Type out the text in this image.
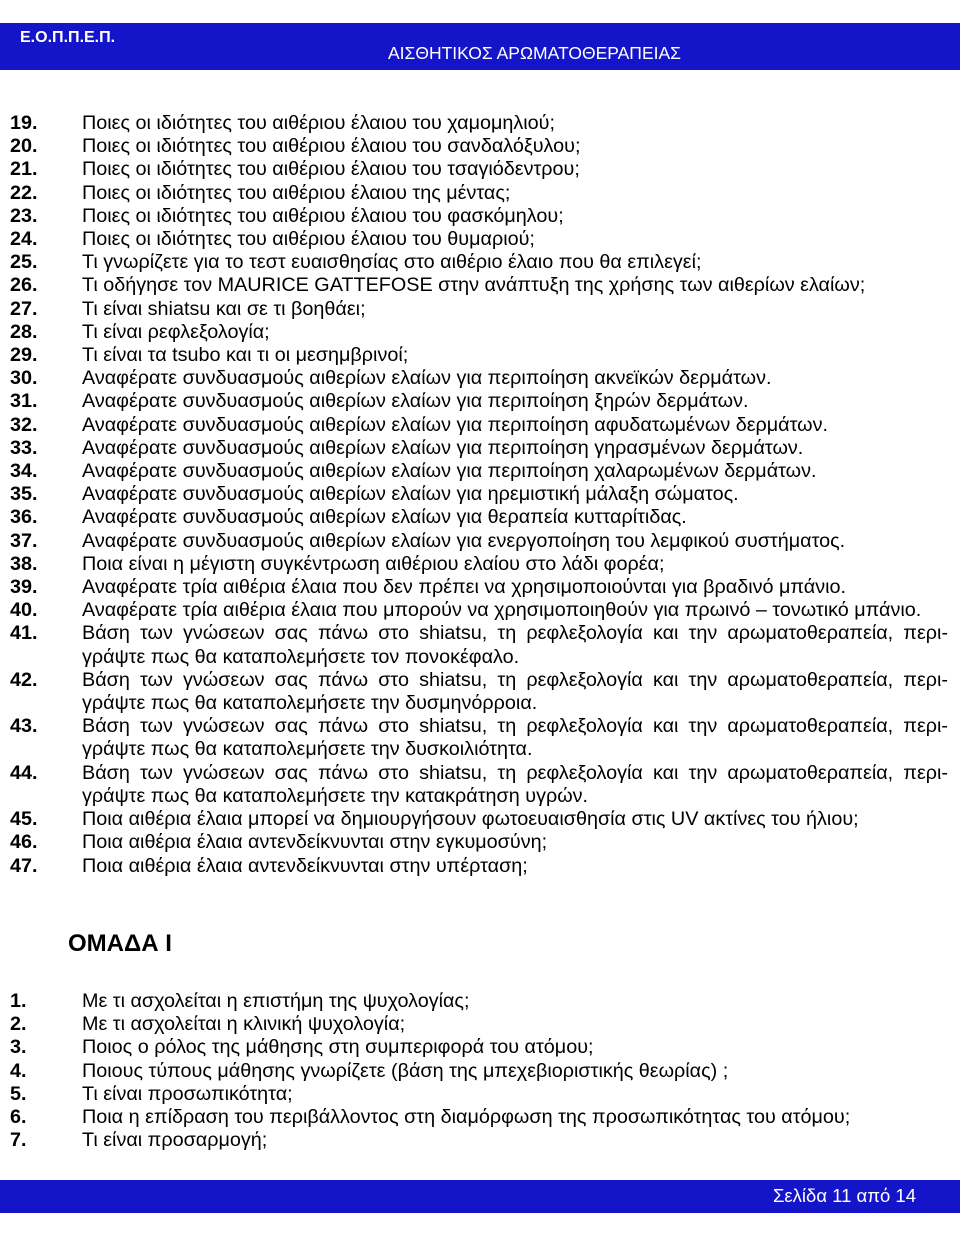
Ε.Ο.Π.Π.Ε.Π.
ΑΙΣΘΗΤΙΚΟΣ ΑΡΩΜΑΤΟΘΕΡΑΠΕΙΑΣ
19. Ποιες οι ιδιότητες του αιθέριου έλαιου του χαμομηλιού;
20. Ποιες οι ιδιότητες του αιθέριου έλαιου του σανδαλόξυλου;
21. Ποιες οι ιδιότητες του αιθέριου έλαιου του τσαγιόδεντρου;
22. Ποιες οι ιδιότητες του αιθέριου έλαιου της μέντας;
23. Ποιες οι ιδιότητες του αιθέριου έλαιου του φασκόμηλου;
24. Ποιες οι ιδιότητες του αιθέριου έλαιου του θυμαριού;
25. Τι γνωρίζετε για το τεστ ευαισθησίας στο αιθέριο έλαιο που θα επιλεγεί;
26. Τι οδήγησε τον MAURICE GATTEFOSE στην ανάπτυξη της χρήσης των αιθερίων ελαίων;
27. Τι είναι shiatsu και σε τι βοηθάει;
28. Τι είναι ρεφλεξολογία;
29. Τι είναι τα tsubo και τι οι μεσημβρινοί;
30. Αναφέρατε συνδυασμούς αιθερίων ελαίων για περιποίηση ακνεϊκών δερμάτων.
31. Αναφέρατε συνδυασμούς αιθερίων ελαίων για περιποίηση ξηρών δερμάτων.
32. Αναφέρατε συνδυασμούς αιθερίων ελαίων για περιποίηση αφυδατωμένων δερμάτων.
33. Αναφέρατε συνδυασμούς αιθερίων ελαίων για περιποίηση γηρασμένων δερμάτων.
34. Αναφέρατε συνδυασμούς αιθερίων ελαίων για περιποίηση χαλαρωμένων δερμάτων.
35. Αναφέρατε συνδυασμούς αιθερίων ελαίων για ηρεμιστική μάλαξη σώματος.
36. Αναφέρατε συνδυασμούς αιθερίων ελαίων για θεραπεία κυτταρίτιδας.
37. Αναφέρατε συνδυασμούς αιθερίων ελαίων για ενεργοποίηση του λεμφικού συστήματος.
38. Ποια είναι η μέγιστη συγκέντρωση αιθέριου ελαίου στο λάδι φορέα;
39. Αναφέρατε τρία αιθέρια έλαια που δεν πρέπει να χρησιμοποιούνται για βραδινό μπάνιο.
40. Αναφέρατε τρία αιθέρια έλαια που μπορούν να χρησιμοποιηθούν για πρωινό – τονωτικό μπάνιο.
41. Βάση των γνώσεων σας πάνω στο shiatsu, τη ρεφλεξολογία και την αρωματοθεραπεία, περι-
γράψτε πως θα καταπολεμήσετε τον πονοκέφαλο.
42. Βάση των γνώσεων σας πάνω στο shiatsu, τη ρεφλεξολογία και την αρωματοθεραπεία, περι-
γράψτε πως θα καταπολεμήσετε την δυσμηνόρροια.
43. Βάση των γνώσεων σας πάνω στο shiatsu, τη ρεφλεξολογία και την αρωματοθεραπεία, περι-
γράψτε πως θα καταπολεμήσετε την δυσκοιλιότητα.
44. Βάση των γνώσεων σας πάνω στο shiatsu, τη ρεφλεξολογία και την αρωματοθεραπεία, περι-
γράψτε πως θα καταπολεμήσετε την κατακράτηση υγρών.
45. Ποια αιθέρια έλαια μπορεί να δημιουργήσουν φωτοευαισθησία στις UV ακτίνες του ήλιου;
46. Ποια αιθέρια έλαια αντενδείκνυνται στην εγκυμοσύνη;
47. Ποια αιθέρια έλαια αντενδείκνυνται στην υπέρταση;
ΟΜΑΔΑ Ι
1.	Με τι ασχολείται η επιστήμη της ψυχολογίας;
2.	Με τι ασχολείται η κλινική ψυχολογία;
3.	Ποιος ο ρόλος της μάθησης στη συμπεριφορά του ατόμου;
4.	Ποιους τύπους μάθησης γνωρίζετε (βάση της μπεχεβιοριστικής θεωρίας) ;
5.	Τι είναι προσωπικότητα;
6.	Ποια η επίδραση του περιβάλλοντος στη διαμόρφωση της προσωπικότητας του ατόμου;
7.	Τι είναι προσαρμογή;
Σελίδα 11 από 14
